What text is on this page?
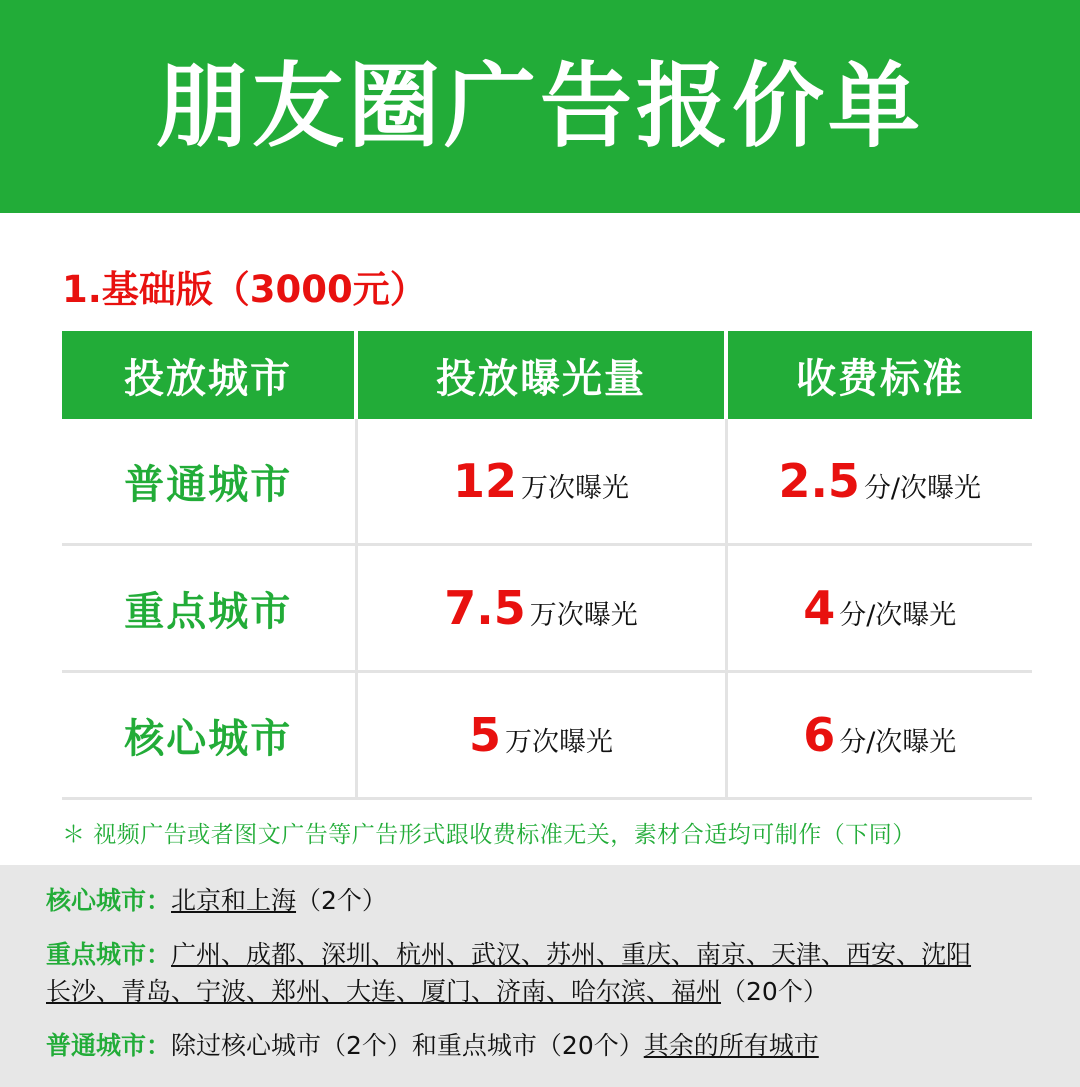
朋友圈广告报价单
1.基础版（3000元）
投放城市	投放曝光量	收费标准
普通城市	12 万次曝光	2.5 分/次曝光

重点城市	7.5 万次曝光	4 分/次曝光

核心城市	5 万次曝光	6 分/次曝光
＊ 视频广告或者图文广告等广告形式跟收费标准无关，素材合适均可制作（下同）
核心城市：北京和上海（2个）
重点城市：广州、成都、深圳、杭州、武汉、苏州、重庆、南京、天津、西安、沈阳
长沙、青岛、宁波、郑州、大连、厦门、济南、哈尔滨、福州（20个）
普通城市：除过核心城市（2个）和重点城市（20个）其余的所有城市
